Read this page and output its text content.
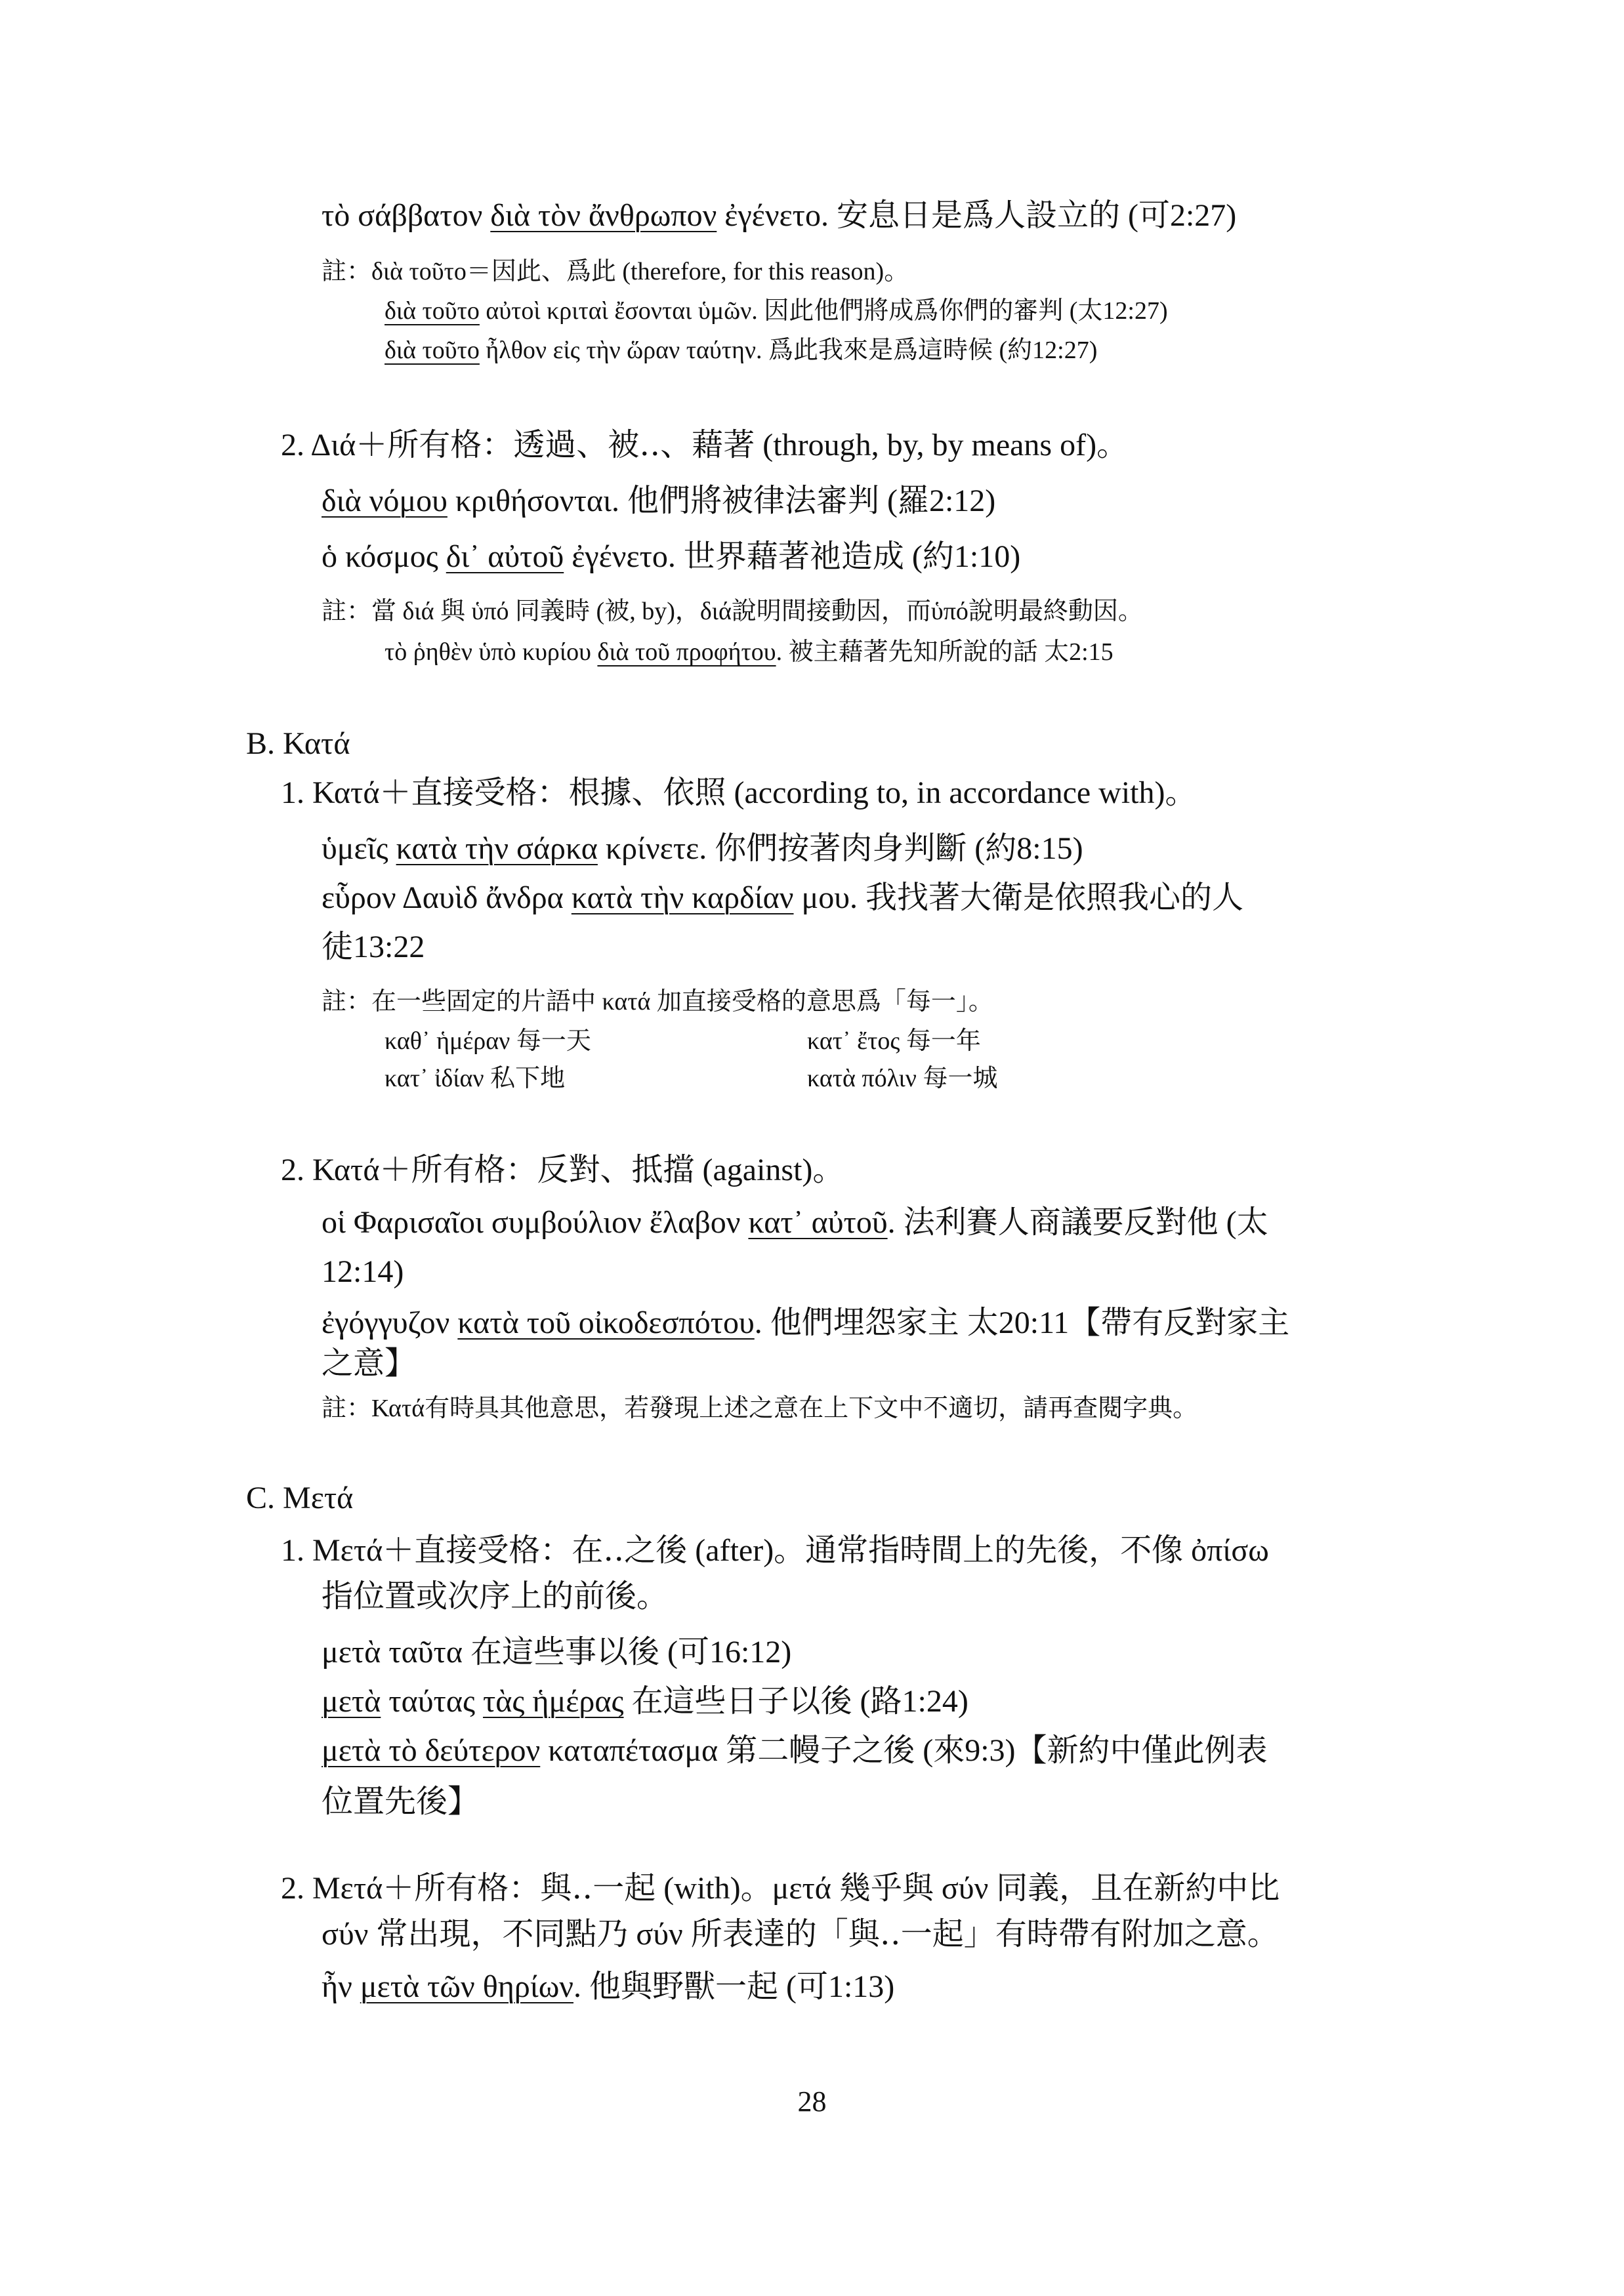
τὸ σάββατον διὰ τὸν ἄνθρωπον ἐγένετο. 安息日是爲人設立的 (可2:27)
註：διὰ τοῦτο＝因此、爲此 (therefore, for this reason)。
διὰ τοῦτο αὐτοὶ κριταὶ ἔσονται ὑμῶν. 因此他們將成爲你們的審判 (太12:27)
διὰ τοῦτο ἦλθον εἰς τὴν ὥραν ταύτην. 爲此我來是爲這時候 (約12:27)
2. Διά＋所有格：透過、被‥、藉著 (through, by, by means of)。
διὰ νόμου κριθήσονται. 他們將被律法審判 (羅2:12)
ὁ κόσμος δι᾽ αὐτοῦ ἐγένετο. 世界藉著祂造成 (約1:10)
註：當 διά 與 ὑπό 同義時 (被, by)，διά說明間接動因，而ὑπό說明最終動因。
τὸ ῥηθὲν ὑπὸ κυρίου διὰ τοῦ προφήτου. 被主藉著先知所說的話 太2:15
B. Κατά
1. Κατά＋直接受格：根據、依照 (according to, in accordance with)。
ὑμεῖς κατὰ τὴν σάρκα κρίνετε. 你們按著肉身判斷 (約8:15)
εὗρον Δαυὶδ ἄνδρα κατὰ τὴν καρδίαν μου. 我找著大衛是依照我心的人
徒13:22
註：在一些固定的片語中 κατά 加直接受格的意思爲「每一」。
καθ᾽ ἡμέραν 每一天	κατ᾽ ἔτος 每一年
κατ᾽ ἰδίαν 私下地	κατὰ πόλιν 每一城
2. Κατά＋所有格：反對、抵擋 (against)。
οἱ Φαρισαῖοι συμβούλιον ἔλαβον κατ᾽ αὐτοῦ. 法利賽人商議要反對他 (太
12:14)
ἐγόγγυζον κατὰ τοῦ οἰκοδεσπότου. 他們埋怨家主 太20:11【帶有反對家主
之意】
註：Κατά有時具其他意思，若發現上述之意在上下文中不適切，請再查閱字典。
C. Μετά
1. Μετά＋直接受格：在‥之後 (after)。通常指時間上的先後，不像 ὀπίσω
指位置或次序上的前後。
μετὰ ταῦτα 在這些事以後 (可16:12)
μετὰ ταύτας τὰς ἡμέρας 在這些日子以後 (路1:24)
μετὰ τὸ δεύτερον καταπέτασμα 第二幔子之後 (來9:3)【新約中僅此例表
位置先後】
2. Μετά＋所有格：與‥一起 (with)。μετά 幾乎與 σύν 同義，且在新約中比
σύν 常出現，不同點乃 σύν 所表達的「與‥一起」有時帶有附加之意。
ἦν μετὰ τῶν θηρίων. 他與野獸一起 (可1:13)
28
